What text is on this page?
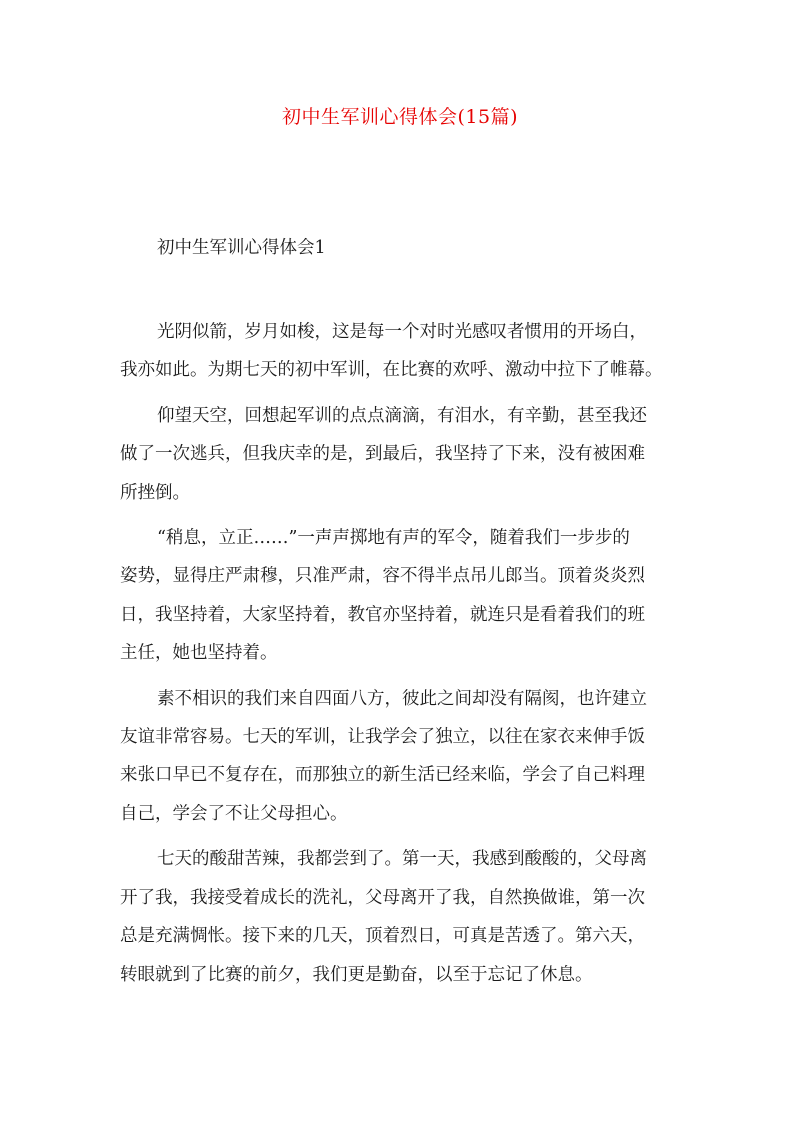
初中生军训心得体会(15篇)
初中生军训心得体会1

光阴似箭，岁月如梭，这是每一个对时光感叹者惯用的开场白，
我亦如此。为期七天的初中军训，在比赛的欢呼、激动中拉下了帷幕。

仰望天空，回想起军训的点点滴滴，有泪水，有辛勤，甚至我还
做了一次逃兵，但我庆幸的是，到最后，我坚持了下来，没有被困难
所挫倒。

“稍息，立正……”一声声掷地有声的军令，随着我们一步步的
姿势，显得庄严肃穆，只准严肃，容不得半点吊儿郎当。顶着炎炎烈
日，我坚持着，大家坚持着，教官亦坚持着，就连只是看着我们的班
主任，她也坚持着。

素不相识的我们来自四面八方，彼此之间却没有隔阂，也许建立
友谊非常容易。七天的军训，让我学会了独立，以往在家衣来伸手饭
来张口早已不复存在，而那独立的新生活已经来临，学会了自己料理
自己，学会了不让父母担心。

七天的酸甜苦辣，我都尝到了。第一天，我感到酸酸的，父母离
开了我，我接受着成长的洗礼，父母离开了我，自然换做谁，第一次
总是充满惆怅。接下来的几天，顶着烈日，可真是苦透了。第六天，
转眼就到了比赛的前夕，我们更是勤奋，以至于忘记了休息。
